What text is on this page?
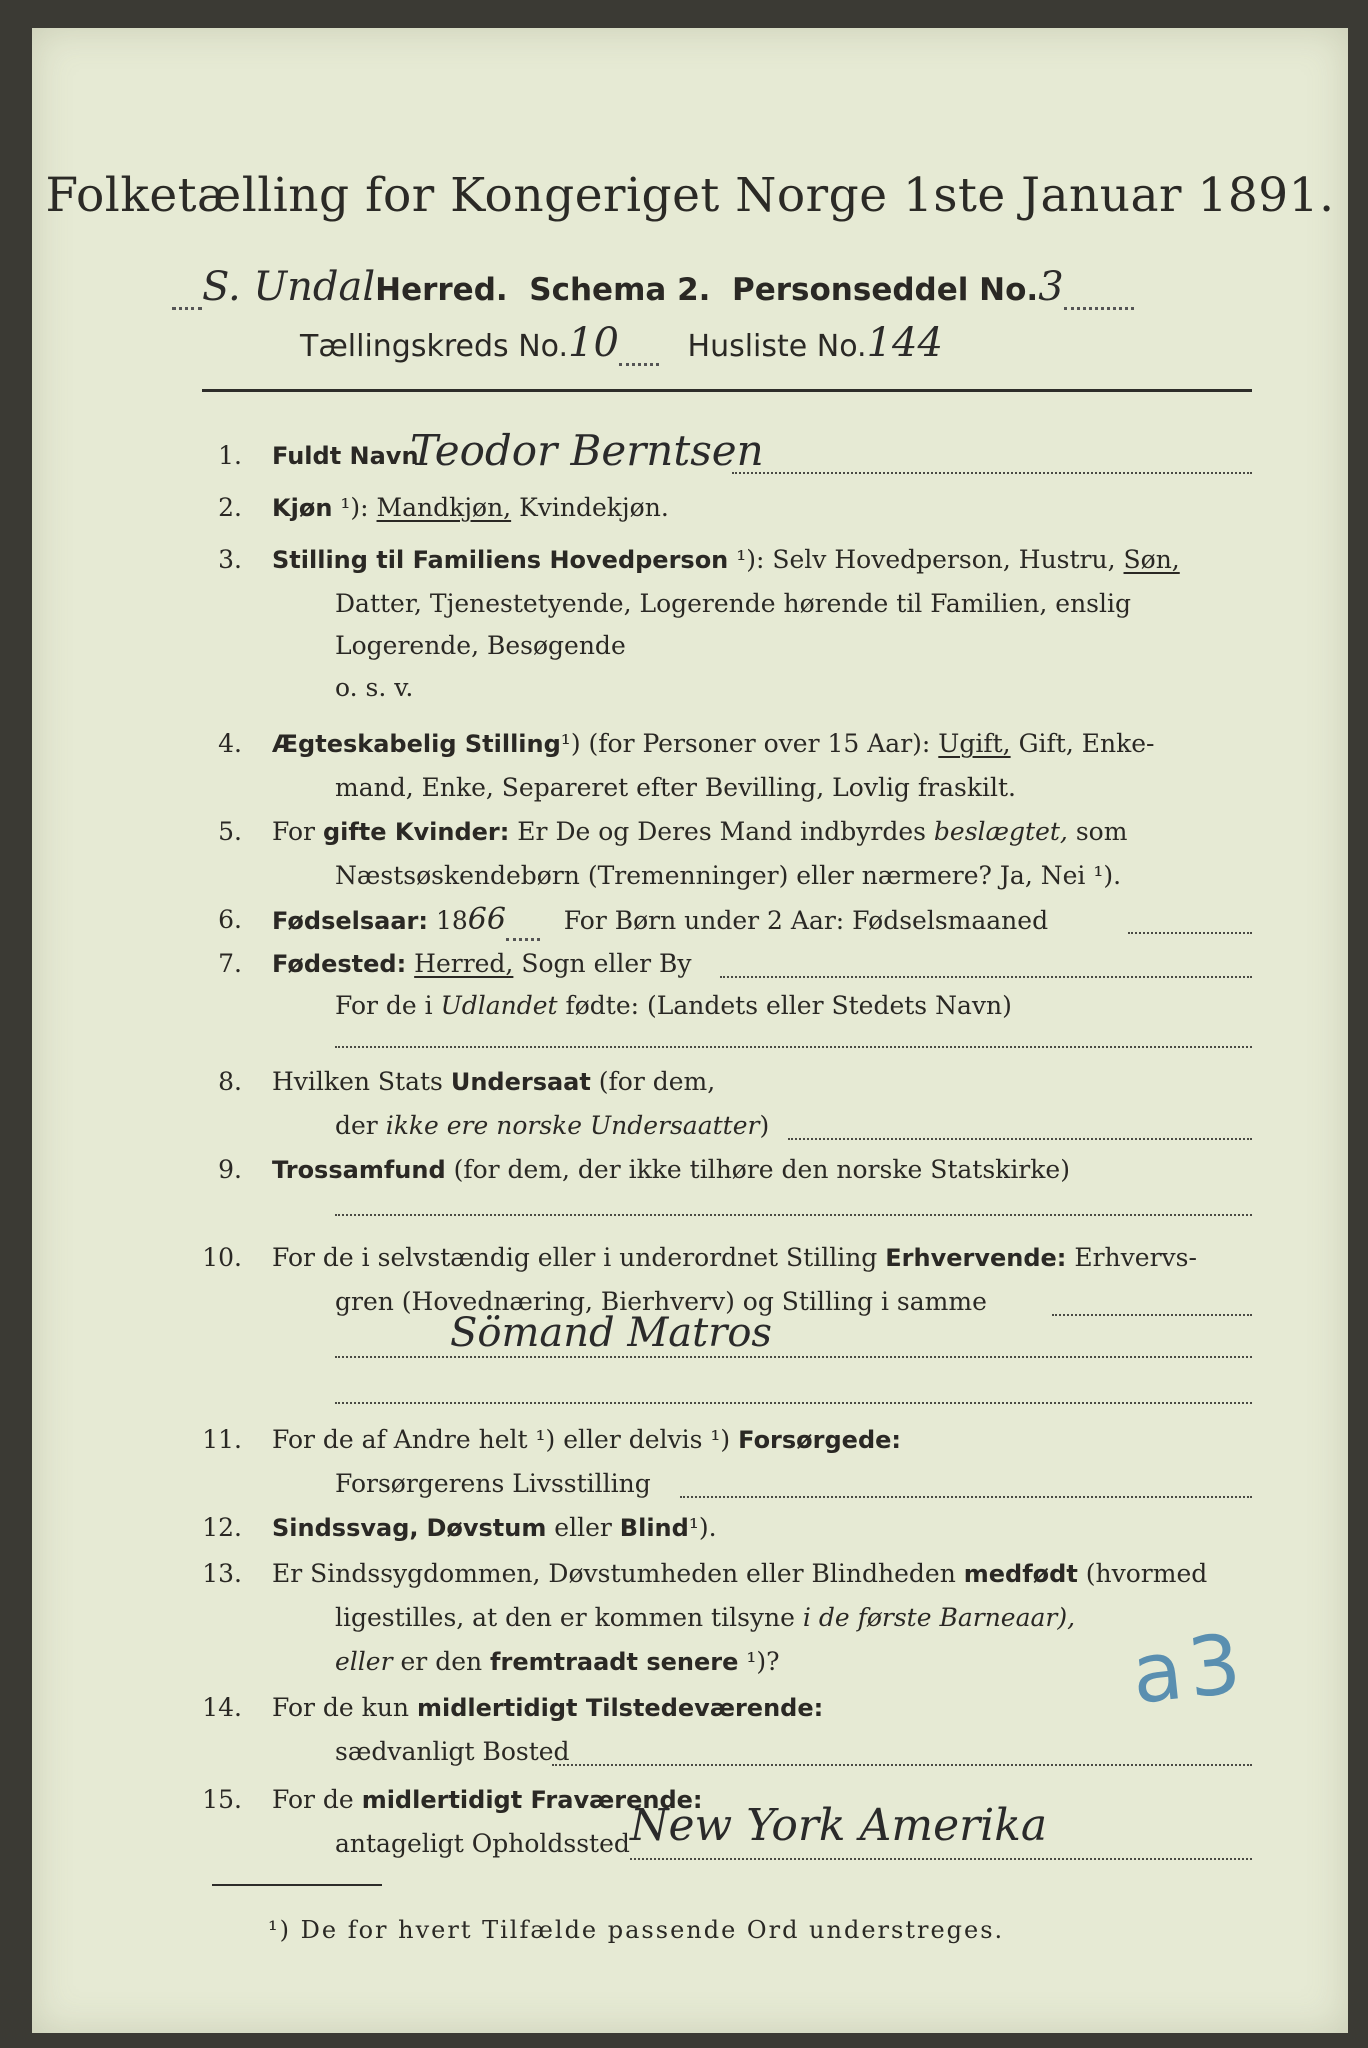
Folketælling for Kongeriget Norge 1ste Januar 1891.
S. UndalHerred. Schema 2. Personseddel No.3
Tællingskreds No.10 Husliste No.144
1. Fuldt Navn
Teodor Berntsen
2. Kjøn ¹): Mandkjøn, Kvindekjøn.
3. Stilling til Familiens Hovedperson ¹): Selv Hovedperson, Hustru, Søn,
Datter, Tjenestetyende, Logerende hørende til Familien, enslig
Logerende, Besøgende
o. s. v.
4. Ægteskabelig Stilling¹) (for Personer over 15 Aar): Ugift, Gift, Enke-
mand, Enke, Separeret efter Bevilling, Lovlig fraskilt.
5. For gifte Kvinder: Er De og Deres Mand indbyrdes beslægtet, som
Næstsøskendebørn (Tremenninger) eller nærmere? Ja, Nei ¹).
6. Fødselsaar: 1866 For Børn under 2 Aar: Fødselsmaaned
7. Fødested: Herred, Sogn eller By
For de i Udlandet fødte: (Landets eller Stedets Navn)
8. Hvilken Stats Undersaat (for dem,
der ikke ere norske Undersaatter)
9. Trossamfund (for dem, der ikke tilhøre den norske Statskirke)
10. For de i selvstændig eller i underordnet Stilling Erhvervende: Erhvervs-
gren (Hovednæring, Bierhverv) og Stilling i samme
Sömand Matros
11. For de af Andre helt ¹) eller delvis ¹) Forsørgede:
Forsørgerens Livsstilling
12. Sindssvag, Døvstum eller Blind¹).
13. Er Sindssygdommen, Døvstumheden eller Blindheden medfødt (hvormed
ligestilles, at den er kommen tilsyne i de første Barneaar),
eller er den fremtraadt senere ¹)?
14. For de kun midlertidigt Tilstedeværende:
sædvanligt Bosted
15. For de midlertidigt Fraværende:
antageligt Opholdssted New York Amerika
a3
¹) De for hvert Tilfælde passende Ord understreges.
